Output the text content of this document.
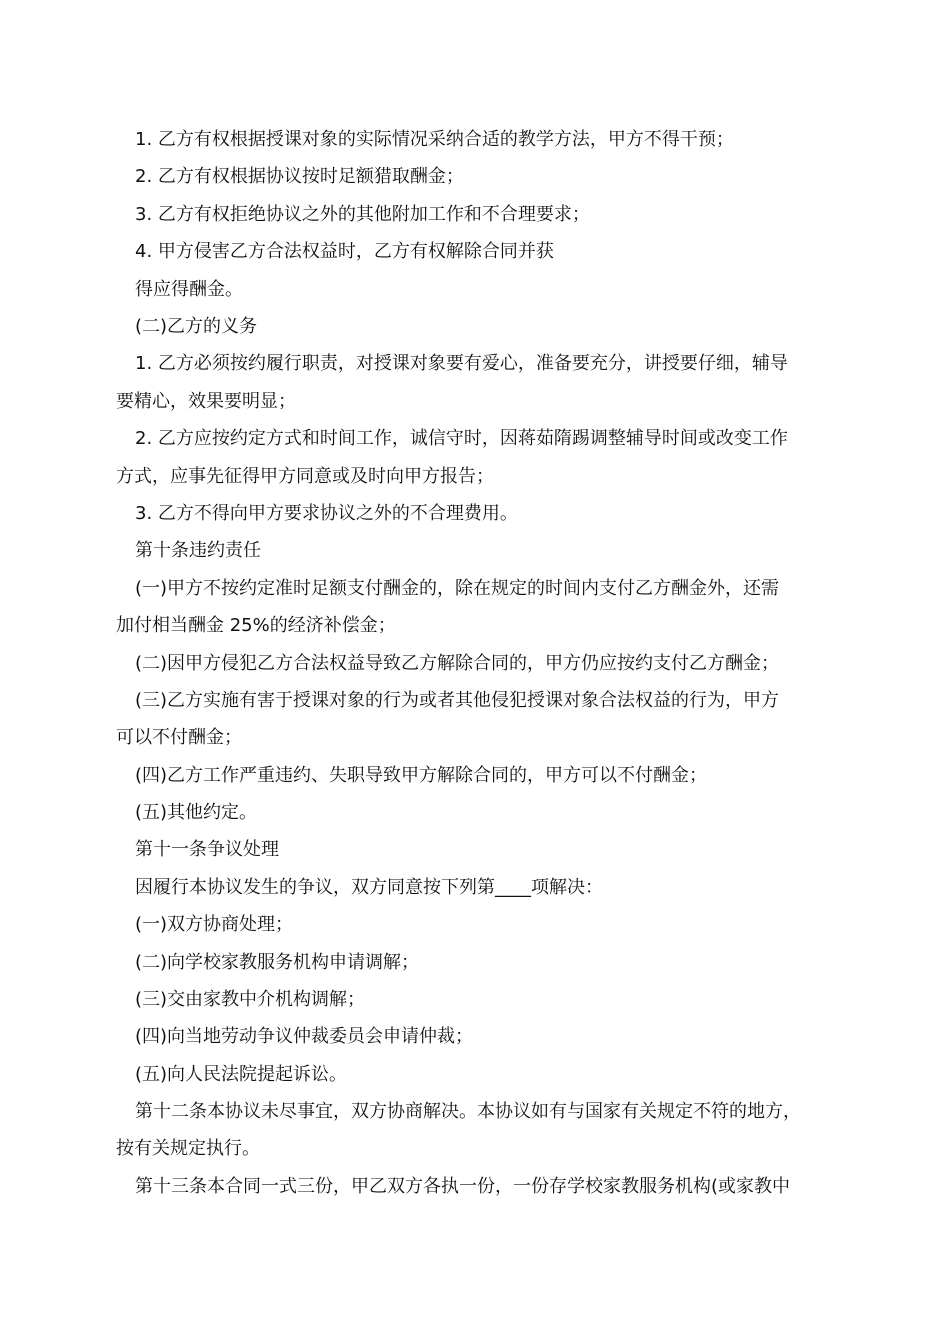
1. 乙方有权根据授课对象的实际情况采纳合适的教学方法，甲方不得干预；
2. 乙方有权根据协议按时足额猎取酬金；
3. 乙方有权拒绝协议之外的其他附加工作和不合理要求；
4. 甲方侵害乙方合法权益时，乙方有权解除合同并获
得应得酬金。
(二)乙方的义务
1. 乙方必须按约履行职责，对授课对象要有爱心，准备要充分，讲授要仔细，辅导
要精心，效果要明显；
2. 乙方应按约定方式和时间工作，诚信守时，因蒋茹隋踢调整辅导时间或改变工作
方式，应事先征得甲方同意或及时向甲方报告；
3. 乙方不得向甲方要求协议之外的不合理费用。
第十条违约责任
(一)甲方不按约定准时足额支付酬金的，除在规定的时间内支付乙方酬金外，还需
加付相当酬金 25%的经济补偿金；
(二)因甲方侵犯乙方合法权益导致乙方解除合同的，甲方仍应按约支付乙方酬金；
(三)乙方实施有害于授课对象的行为或者其他侵犯授课对象合法权益的行为，甲方
可以不付酬金；
(四)乙方工作严重违约、失职导致甲方解除合同的，甲方可以不付酬金；
(五)其他约定。
第十一条争议处理
因履行本协议发生的争议，双方同意按下列第____项解决：
(一)双方协商处理；
(二)向学校家教服务机构申请调解；
(三)交由家教中介机构调解；
(四)向当地劳动争议仲裁委员会申请仲裁；
(五)向人民法院提起诉讼。
第十二条本协议未尽事宜，双方协商解决。本协议如有与国家有关规定不符的地方，
按有关规定执行。
第十三条本合同一式三份，甲乙双方各执一份，一份存学校家教服务机构(或家教中
